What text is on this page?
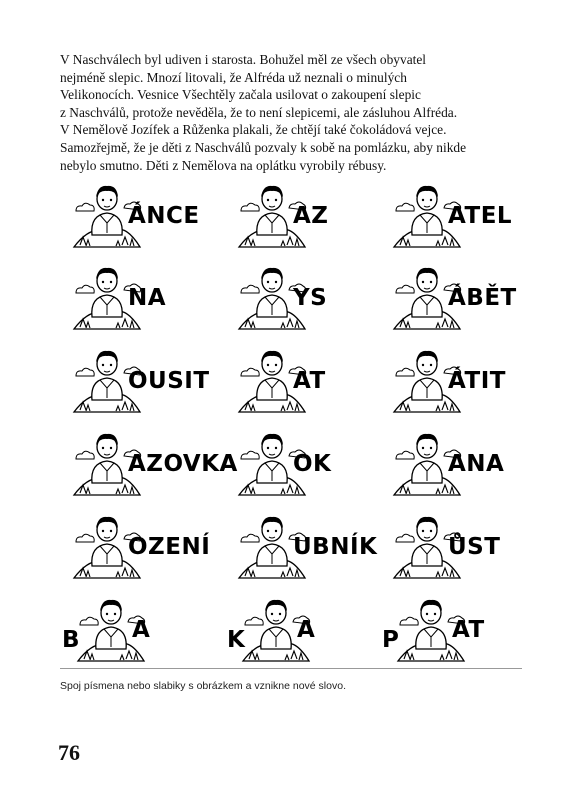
V Naschválech byl udiven i starosta. Bohužel měl ze všech obyvatel
nejméně slepic. Mnozí litovali, že Alfréda už neznali o minulých
Velikonocích. Vesnice Všechtěly začala usilovat o zakoupení slepic
z Naschválů, protože nevěděla, že to není slepicemi, ale zásluhou Alfréda.
V Nemělově Jozífek a Růženka plakali, že chtějí také čokoládová vejce.
Samozřejmě, že je děti z Naschválů pozvaly k sobě na pomlázku, aby nikde
nebylo smutno. Děti z Nemělova na oplátku vyrobily rébusy.
ÁNCE	AZ	ATEL
NA	YS	ÁBĚT
OUSIT	AT	ÁTIT
AZOVKA OK	ANA
OZENÍ	UBNÍK	ŮST
B A	K A	P AT
Spoj písmena nebo slabiky s obrázkem a vznikne nové slovo.
76
